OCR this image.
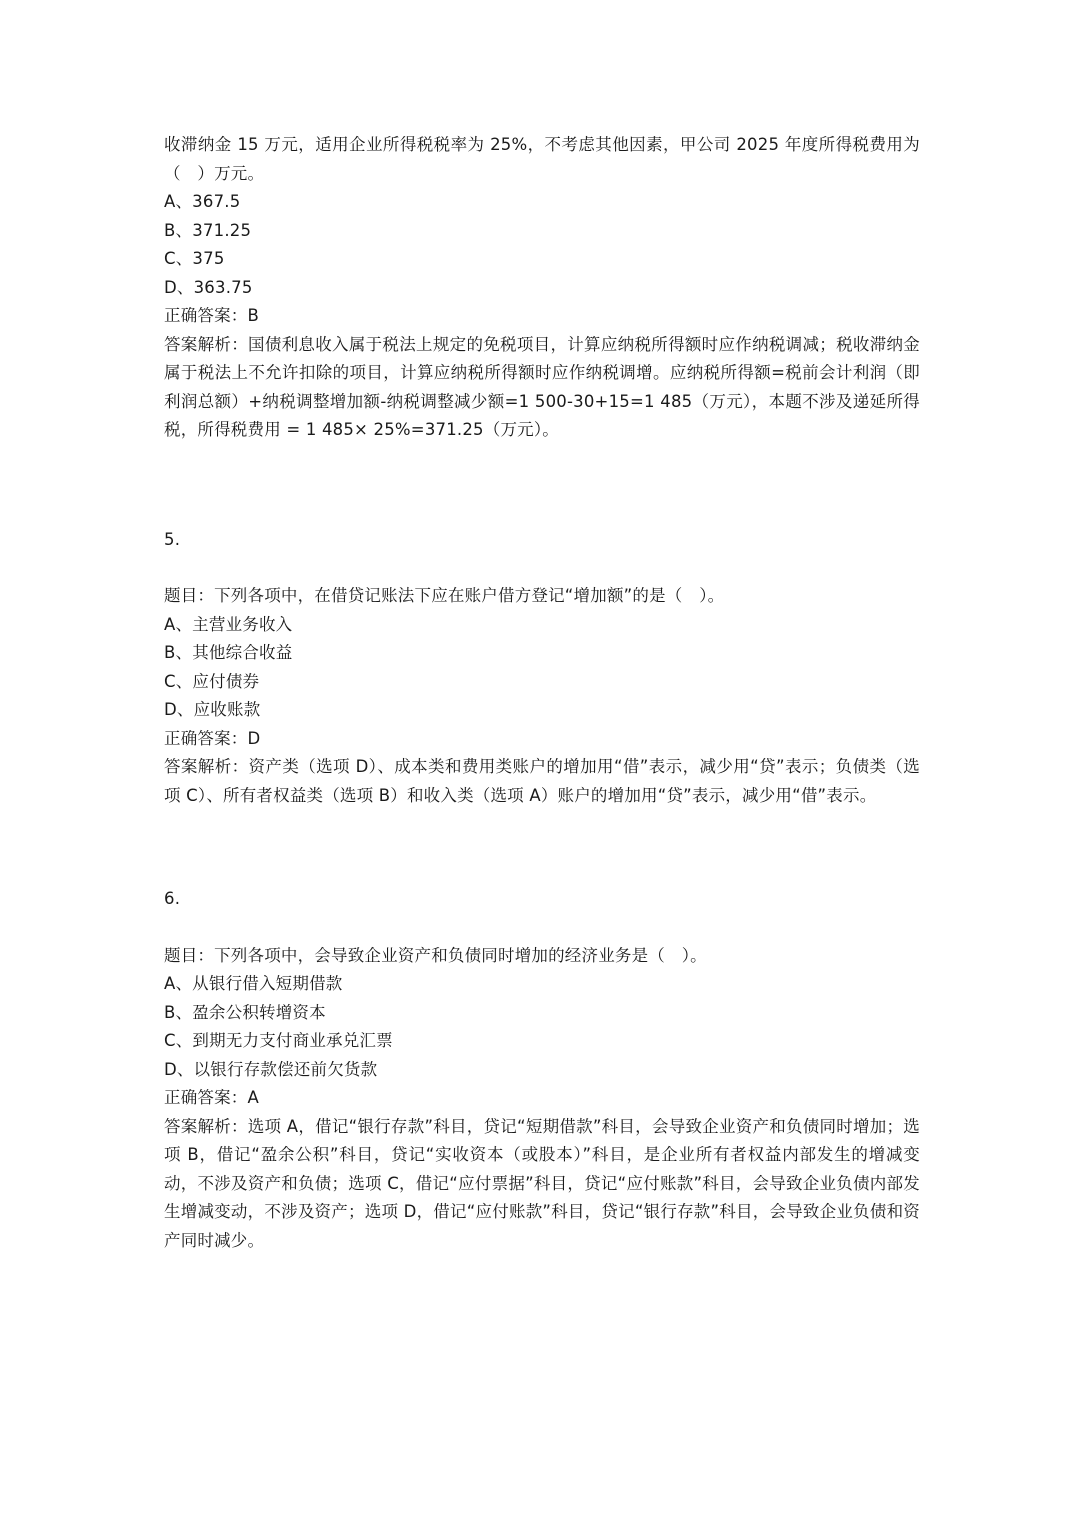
收滞纳金 15 万元，适用企业所得税税率为 25%，不考虑其他因素，甲公司 2025 年度所得税费用为（　）万元。

A、367.5

B、371.25

C、375

D、363.75

正确答案：B

答案解析：国债利息收入属于税法上规定的免税项目，计算应纳税所得额时应作纳税调减；税收滞纳金属于税法上不允许扣除的项目，计算应纳税所得额时应作纳税调增。应纳税所得额=税前会计利润（即利润总额）+纳税调整增加额-纳税调整减少额=1 500-30+15=1 485（万元），本题不涉及递延所得税，所得税费用 = 1 485× 25%=371.25（万元）。

5.

题目：下列各项中，在借贷记账法下应在账户借方登记“增加额”的是（　）。

A、主营业务收入

B、其他综合收益

C、应付债券

D、应收账款

正确答案：D

答案解析：资产类（选项 D）、成本类和费用类账户的增加用“借”表示，减少用“贷”表示；负债类（选项 C）、所有者权益类（选项 B）和收入类（选项 A）账户的增加用“贷”表示，减少用“借”表示。

6.

题目：下列各项中，会导致企业资产和负债同时增加的经济业务是（　）。

A、从银行借入短期借款

B、盈余公积转增资本

C、到期无力支付商业承兑汇票

D、以银行存款偿还前欠货款

正确答案：A

答案解析：选项 A，借记“银行存款”科目，贷记“短期借款”科目，会导致企业资产和负债同时增加；选项 B，借记“盈余公积”科目，贷记“实收资本（或股本）”科目，是企业所有者权益内部发生的增减变动，不涉及资产和负债；选项 C，借记“应付票据”科目，贷记“应付账款”科目，会导致企业负债内部发生增减变动，不涉及资产；选项 D，借记“应付账款”科目，贷记“银行存款”科目，会导致企业负债和资产同时减少。
